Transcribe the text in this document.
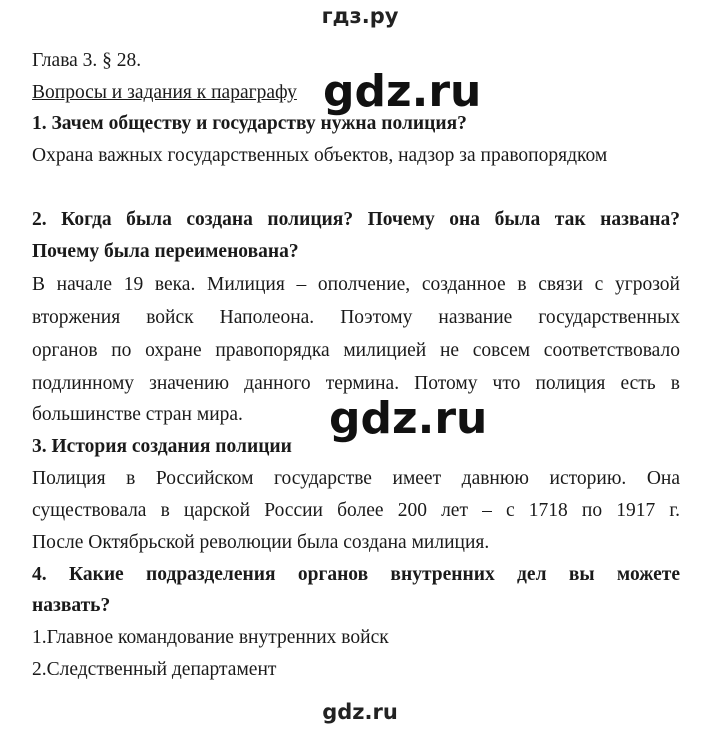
гдз.ру
Глава 3. § 28.
Вопросы и задания к параграфу
1. Зачем обществу и государству нужна полиция?
Охрана важных государственных объектов, надзор за правопорядком
2. Когда была создана полиция? Почему она была так названа?
Почему была переименована?
В начале 19 века. Милиция – ополчение, созданное в связи с угрозой
вторжения войск Наполеона. Поэтому название государственных
органов по охране правопорядка милицией не совсем соответствовало
подлинному значению данного термина. Потому что полиция есть в
большинстве стран мира.
3. История создания полиции
Полиция в Российском государстве имеет давнюю историю. Она
существовала в царской России более 200 лет – с 1718 по 1917 г.
После Октябрьской революции была создана милиция.
4. Какие подразделения органов внутренних дел вы можете
назвать?
1.Главное командование внутренних войск
2.Следственный департамент
gdz.ru
gdz.ru
gdz.ru
